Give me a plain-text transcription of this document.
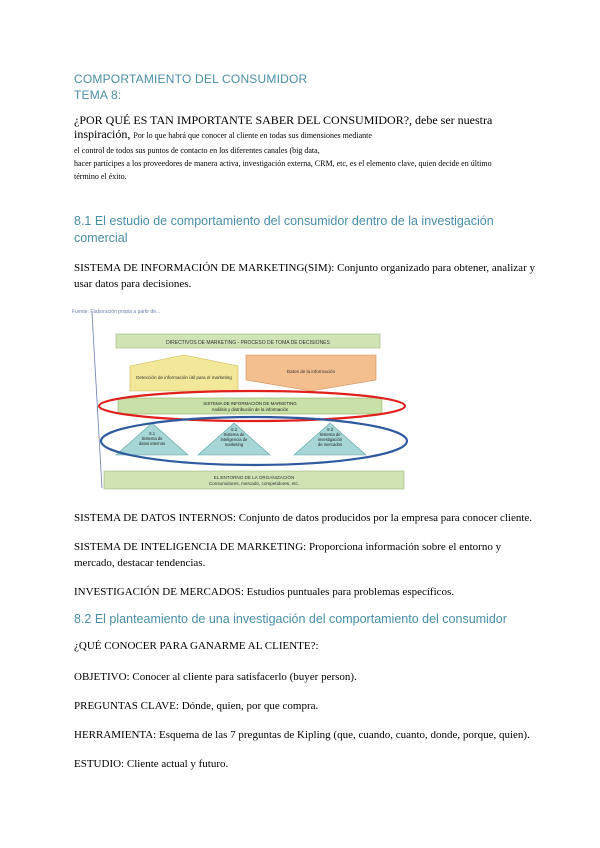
COMPORTAMIENTO DEL CONSUMIDOR
TEMA 8:
¿POR QUÉ ES TAN IMPORTANTE SABER DEL CONSUMIDOR?, debe ser nuestra inspiración, Por lo que habrá que conocer al cliente en todas sus dimensiones mediante
el control de todos sus puntos de contacto en los diferentes canales (big data,
hacer partícipes a los proveedores de manera activa, investigación externa, CRM, etc, es el elemento clave, quien decide en último
término el éxito.
8.1 El estudio de comportamiento del consumidor dentro de la investigación comercial
SISTEMA DE INFORMACIÓN DE MARKETING(SIM): Conjunto organizado para obtener, analizar y usar datos para decisiones.
Fuente: Elaboración propia a partir de...
DIRECTIVOS DE MARKETING - PROCESO DE TOMA DE DECISIONES
Detección de información útil para el marketing
Datos de la información
SISTEMA DE INFORMACIÓN DE MARKETING
Análisis y distribución de la información
S.1 Sistema de datos internos
S.2 Sistema de inteligencia de marketing
S.3 Sistema de investigación de mercados
EL ENTORNO DE LA ORGANIZACIÓN
Consumidores, mercado, competidores, etc.
SISTEMA DE DATOS INTERNOS: Conjunto de datos producidos por la empresa para conocer cliente.
SISTEMA DE INTELIGENCIA DE MARKETING: Proporciona información sobre el entorno y mercado, destacar tendencias.
INVESTIGACIÓN DE MERCADOS: Estudios puntuales para problemas específicos.
8.2 El planteamiento de una investigación del comportamiento del consumidor
¿QUÉ CONOCER PARA GANARME AL CLIENTE?:
OBJETIVO: Conocer al cliente para satisfacerlo (buyer person).
PREGUNTAS CLAVE: Dónde, quien, por que compra.
HERRAMIENTA: Esquema de las 7 preguntas de Kipling (que, cuando, cuanto, donde, porque, quien).
ESTUDIO: Cliente actual y futuro.
